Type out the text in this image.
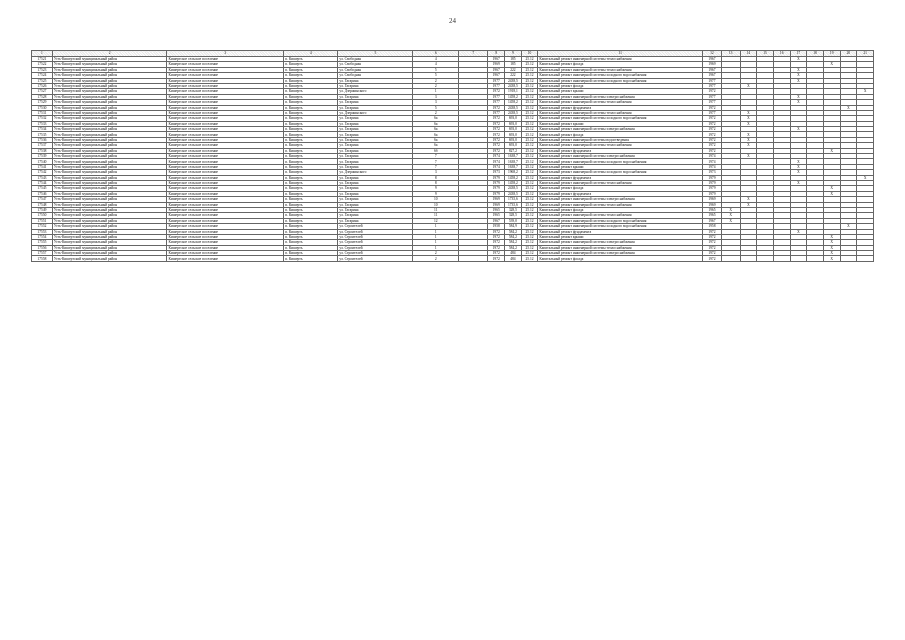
24
1	2	3	4	5	6	7	8	9	10	11	12	13	14	15	16	17	18	19	20	21
17521	Усть-Кишертский муниципальный район	Кишертское сельское поселение	п. Кишерть	ул. Свободная	4		1967	185	25.12	Капитальный ремонт инженерной системы теплоснабжения	1967					Х				
17522	Усть-Кишертский муниципальный район	Кишертское сельское поселение	п. Кишерть	ул. Свободная	4		1969	185	25.12	Капитальный ремонт фасада	1969							Х		
17523	Усть-Кишертский муниципальный район	Кишертское сельское поселение	п. Кишерть	ул. Свободная	5		1967	222	25.12	Капитальный ремонт инженерной системы теплоснабжения	1967					Х				
17524	Усть-Кишертский муниципальный район	Кишертское сельское поселение	п. Кишерть	ул. Свободная	5		1967	222	25.12	Капитальный ремонт инженерной системы холодного водоснабжения	1967					Х				
17525	Усть-Кишертский муниципальный район	Кишертское сельское поселение	п. Кишерть	ул. Гагарина	2		1977	2438,5	25.12	Капитальный ремонт инженерной системы холодного водоснабжения	1977					Х				
17526	Усть-Кишертский муниципальный район	Кишертское сельское поселение	п. Кишерть	ул. Гагарина	2		1977	2438,5	25.12	Капитальный ремонт фасада	1977		Х							
17527	Усть-Кишертский муниципальный район	Кишертское сельское поселение	п. Кишерть	ул. Дзержинского	1		1972	1918,1	25.12	Капитальный ремонт крыши	1972									Х
17528	Усть-Кишертский муниципальный район	Кишертское сельское поселение	п. Кишерть	ул. Гагарина	3		1977	1458,2	25.12	Капитальный ремонт инженерной системы электроснабжения	1977					Х				
17529	Усть-Кишертский муниципальный район	Кишертское сельское поселение	п. Кишерть	ул. Гагарина	3		1977	1458,2	25.12	Капитальный ремонт инженерной системы теплоснабжения	1977					Х				
17530	Усть-Кишертский муниципальный район	Кишертское сельское поселение	п. Кишерть	ул. Гагарина	5		1972	2438,5	25.12	Капитальный ремонт фундамента	1972								Х	
17531	Усть-Кишертский муниципальный район	Кишертское сельское поселение	п. Кишерть	ул. Дзержинского	2		1977	2438,5	25.12	Капитальный ремонт инженерной системы теплоснабжения	1977		Х							
17532	Усть-Кишертский муниципальный район	Кишертское сельское поселение	п. Кишерть	ул. Гагарина	6а		1972	693,0	25.12	Капитальный ремонт инженерной системы холодного водоснабжения	1972		Х							
17533	Усть-Кишертский муниципальный район	Кишертское сельское поселение	п. Кишерть	ул. Гагарина	6а		1972	693,0	25.12	Капитальный ремонт крыши	1972		Х							
17534	Усть-Кишертский муниципальный район	Кишертское сельское поселение	п. Кишерть	ул. Гагарина	6а		1972	693,0	25.12	Капитальный ремонт инженерной системы электроснабжения	1972					Х				
17535	Усть-Кишертский муниципальный район	Кишертское сельское поселение	п. Кишерть	ул. Гагарина	6а		1972	693,0	25.12	Капитальный ремонт фасада	1972		Х							
17536	Усть-Кишертский муниципальный район	Кишертское сельское поселение	п. Кишерть	ул. Гагарина	6а		1972	693,0	25.12	Капитальный ремонт инженерной системы водоотведения	1972		Х							
17537	Усть-Кишертский муниципальный район	Кишертское сельское поселение	п. Кишерть	ул. Гагарина	6а		1972	693,0	25.12	Капитальный ремонт инженерной системы теплоснабжения	1972		Х							
17538	Усть-Кишертский муниципальный район	Кишертское сельское поселение	п. Кишерть	ул. Гагарина	6б		1972	827,2	25.12	Капитальный ремонт фундамента	1972							Х		
17539	Усть-Кишертский муниципальный район	Кишертское сельское поселение	п. Кишерть	ул. Гагарина	7		1974	1638,7	25.12	Капитальный ремонт инженерной системы электроснабжения	1974		Х							
17540	Усть-Кишертский муниципальный район	Кишертское сельское поселение	п. Кишерть	ул. Гагарина	7		1974	1638,7	25.12	Капитальный ремонт инженерной системы холодного водоснабжения	1974					Х				
17541	Усть-Кишертский муниципальный район	Кишертское сельское поселение	п. Кишерть	ул. Гагарина	7		1974	1638,7	25.12	Капитальный ремонт крыши	1974					Х				
17542	Усть-Кишертский муниципальный район	Кишертское сельское поселение	п. Кишерть	ул. Дзержинского	3		1973	1968,2	25.12	Капитальный ремонт инженерной системы холодного водоснабжения	1973					Х				
17543	Усть-Кишертский муниципальный район	Кишертское сельское поселение	п. Кишерть	ул. Гагарина	8		1979	1458,2	25.12	Капитальный ремонт фундамента	1979									Х
17544	Усть-Кишертский муниципальный район	Кишертское сельское поселение	п. Кишерть	ул. Гагарина	8		1979	1458,2	25.12	Капитальный ремонт инженерной системы теплоснабжения	1979					Х				
17545	Усть-Кишертский муниципальный район	Кишертское сельское поселение	п. Кишерть	ул. Гагарина	9		1979	2438,5	25.12	Капитальный ремонт фасада	1979							Х		
17546	Усть-Кишертский муниципальный район	Кишертское сельское поселение	п. Кишерть	ул. Гагарина	9		1979	2438,5	25.12	Капитальный ремонт фундамента	1979							Х		
17547	Усть-Кишертский муниципальный район	Кишертское сельское поселение	п. Кишерть	ул. Гагарина	10		1969	1735,6	25.12	Капитальный ремонт инженерной системы электроснабжения	1969		Х							
17548	Усть-Кишертский муниципальный район	Кишертское сельское поселение	п. Кишерть	ул. Гагарина	10		1969	1735,6	25.12	Капитальный ремонт инженерной системы теплоснабжения	1969		Х							
17549	Усть-Кишертский муниципальный район	Кишертское сельское поселение	п. Кишерть	ул. Гагарина	11		1965	328,5	25.12	Капитальный ремонт фасада	1965	Х								
17550	Усть-Кишертский муниципальный район	Кишертское сельское поселение	п. Кишерть	ул. Гагарина	11		1965	328,5	25.12	Капитальный ремонт инженерной системы теплоснабжения	1965	Х								
17551	Усть-Кишертский муниципальный район	Кишертское сельское поселение	п. Кишерть	ул. Гагарина	12		1967	539,0	25.12	Капитальный ремонт инженерной системы холодного водоснабжения	1967	Х								
17552	Усть-Кишертский муниципальный район	Кишертское сельское поселение	п. Кишерть	ул. Строителей	1		1958	584,9	25.12	Капитальный ремонт инженерной системы холодного водоснабжения	1958								Х	
17553	Усть-Кишертский муниципальный район	Кишертское сельское поселение	п. Кишерть	ул. Строителей	1		1972	584,2	25.12	Капитальный ремонт фундамента	1972					Х				
17554	Усть-Кишертский муниципальный район	Кишертское сельское поселение	п. Кишерть	ул. Строителей	1		1972	584,2	25.12	Капитальный ремонт крыши	1972							Х		
17555	Усть-Кишертский муниципальный район	Кишертское сельское поселение	п. Кишерть	ул. Строителей	1		1972	584,2	25.12	Капитальный ремонт инженерной системы электроснабжения	1972							Х		
17556	Усть-Кишертский муниципальный район	Кишертское сельское поселение	п. Кишерть	ул. Строителей	1		1972	584,2	25.12	Капитальный ремонт инженерной системы теплоснабжения	1972							Х		
17557	Усть-Кишертский муниципальный район	Кишертское сельское поселение	п. Кишерть	ул. Строителей	2		1972	484	25.12	Капитальный ремонт инженерной системы электроснабжения	1972							Х		
17558	Усть-Кишертский муниципальный район	Кишертское сельское поселение	п. Кишерть	ул. Строителей	2		1972	484	25.12	Капитальный ремонт фасада	1972							Х		
